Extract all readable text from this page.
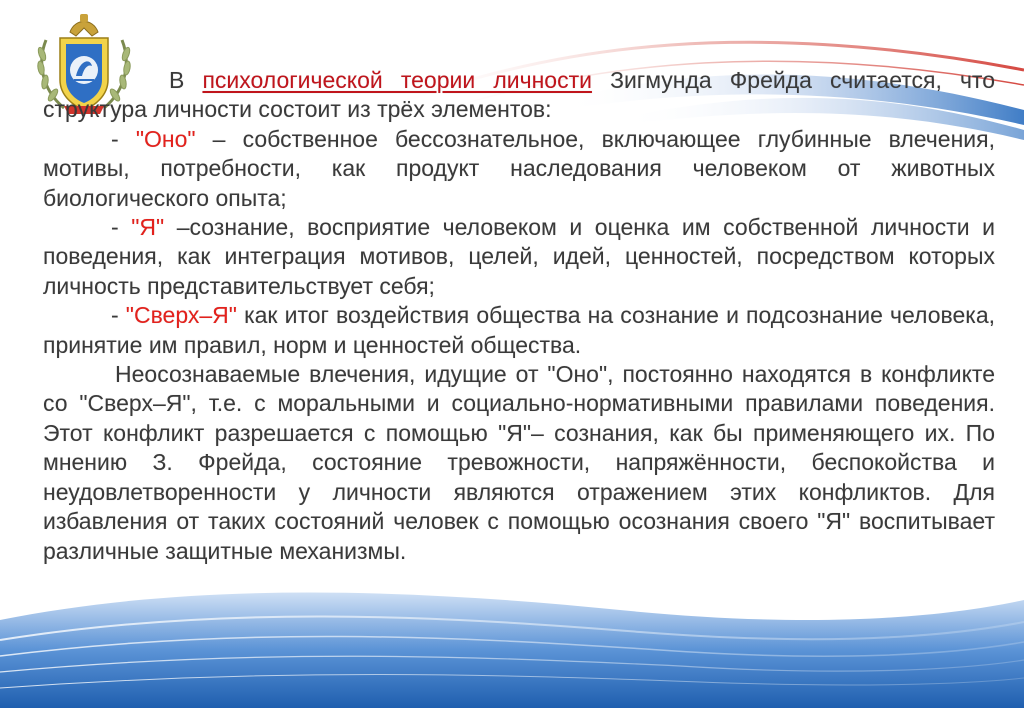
В психологической теории личности Зигмунда Фрейда считается, что структура личности состоит из трёх элементов:

- "Оно" – собственное бессознательное, включающее глубинные влечения, мотивы, потребности, как продукт наследования человеком от животных биологического опыта;

- "Я" –сознание, восприятие человеком и оценка им собственной личности и поведения, как интеграция мотивов, целей, идей, ценностей, посредством которых личность представительствует себя;

- "Сверх–Я" как итог воздействия общества на сознание и подсознание человека, принятие им правил, норм и ценностей общества.

Неосознаваемые влечения, идущие от "Оно", постоянно находятся в конфликте со "Сверх–Я", т.е. с моральными и социально-нормативными правилами поведения. Этот конфликт разрешается с помощью "Я"– сознания, как бы применяющего их. По мнению З. Фрейда, состояние тревожности, напряжённости, беспокойства и неудовлетворенности у личности являются отражением этих конфликтов. Для избавления от таких состояний человек с помощью осознания своего "Я" воспитывает различные защитные механизмы.
